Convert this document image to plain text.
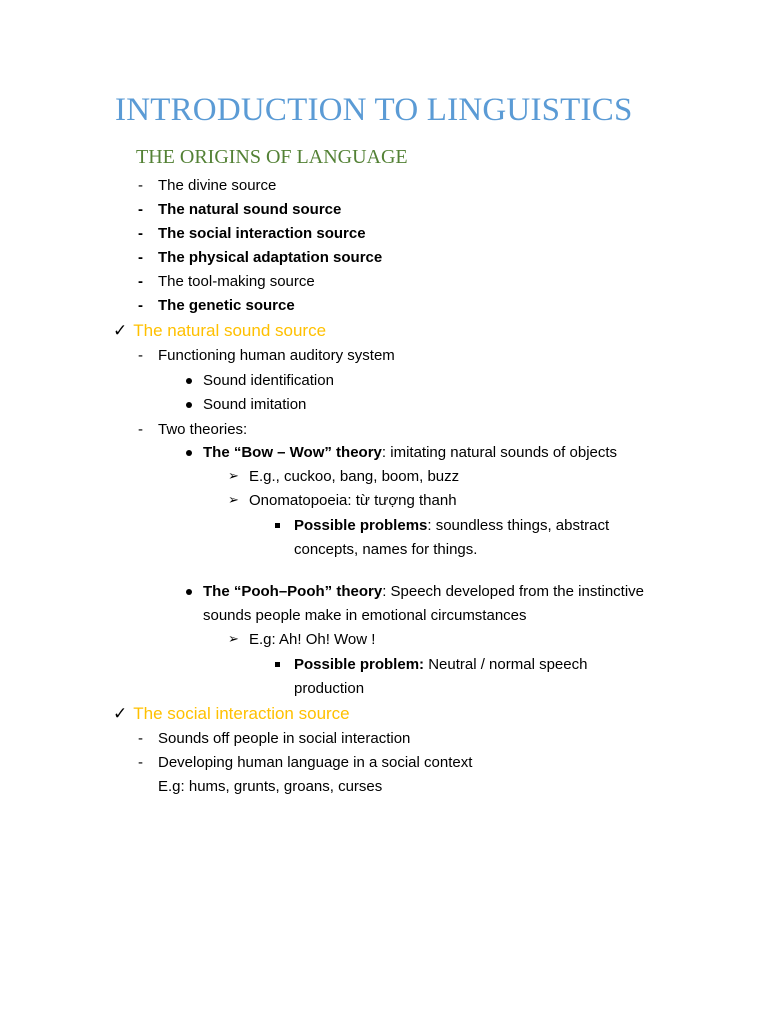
INTRODUCTION TO LINGUISTICS
THE ORIGINS OF LANGUAGE
- The divine source
- The natural sound source
- The social interaction source
- The physical adaptation source
- The tool-making source
- The genetic source
✓ The natural sound source
- Functioning human auditory system
Sound identification
Sound imitation
- Two theories:
The “Bow – Wow” theory: imitating natural sounds of objects
➢ E.g., cuckoo, bang, boom, buzz
➢ Onomatopoeia: từ tượng thanh
Possible problems: soundless things, abstract
concepts, names for things.
The “Pooh–Pooh” theory: Speech developed from the instinctive
sounds people make in emotional circumstances
➢ E.g: Ah! Oh! Wow !
Possible problem: Neutral / normal speech
production
✓ The social interaction source
- Sounds off people in social interaction
- Developing human language in a social context
E.g: hums, grunts, groans, curses
